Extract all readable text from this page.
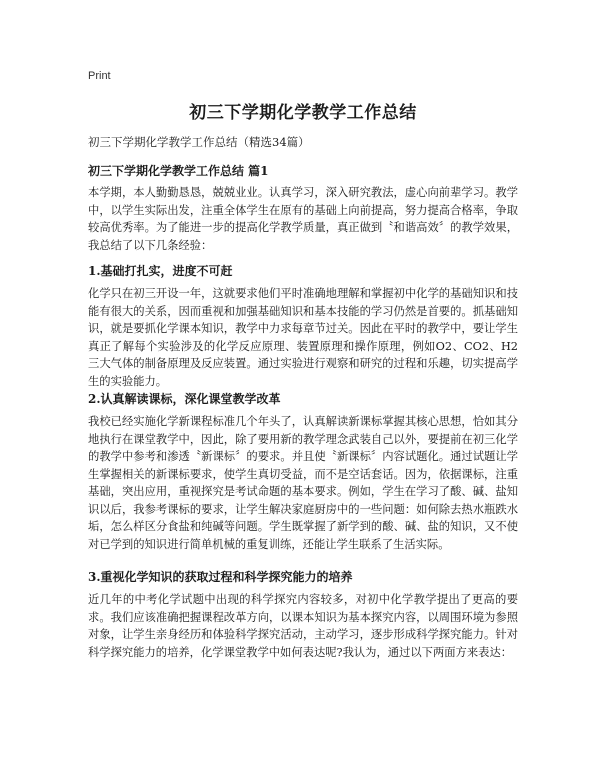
Print
初三下学期化学教学工作总结

初三下学期化学教学工作总结（精选34篇）

初三下学期化学教学工作总结 篇1

本学期，本人勤勤恳恳，兢兢业业。认真学习，深入研究教法，虚心向前辈学习。教学中，以学生实际出发，注重全体学生在原有的基础上向前提高，努力提高合格率，争取较高优秀率。为了能进一步的提高化学教学质量，真正做到〝和谐高效〞的教学效果，我总结了以下几条经验：

1.基础打扎实，进度不可赶

化学只在初三开设一年，这就要求他们平时准确地理解和掌握初中化学的基础知识和技能有很大的关系，因而重视和加强基础知识和基本技能的学习仍然是首要的。抓基础知识，就是要抓化学课本知识，教学中力求每章节过关。因此在平时的教学中，要让学生真正了解每个实验涉及的化学反应原理、装置原理和操作原理，例如O2、CO2、H2三大气体的制备原理及反应装置。通过实验进行观察和研究的过程和乐趣，切实提高学生的实验能力。

2.认真解读课标，深化课堂教学改革

我校已经实施化学新课程标准几个年头了，认真解读新课标掌握其核心思想，恰如其分地执行在课堂教学中，因此，除了要用新的教学理念武装自己以外，要提前在初三化学的教学中参考和渗透〝新课标〞的要求。并且使〝新课标〞内容试题化。通过试题让学生掌握相关的新课标要求，使学生真切受益，而不是空话套话。因为，依据课标，注重基础，突出应用，重视探究是考试命题的基本要求。例如，学生在学习了酸、碱、盐知识以后，我参考课标的要求，让学生解决家庭厨房中的一些问题：如何除去热水瓶跌水垢，怎么样区分食盐和纯碱等问题。学生既掌握了新学到的酸、碱、盐的知识，又不使对已学到的知识进行简单机械的重复训练，还能让学生联系了生活实际。

3.重视化学知识的获取过程和科学探究能力的培养

近几年的中考化学试题中出现的科学探究内容较多，对初中化学教学提出了更高的要求。我们应该准确把握课程改革方向，以课本知识为基本探究内容，以周围环境为参照对象，让学生亲身经历和体验科学探究活动，主动学习，逐步形成科学探究能力。针对科学探究能力的培养，化学课堂教学中如何表达呢?我认为，通过以下两面方来表达：
